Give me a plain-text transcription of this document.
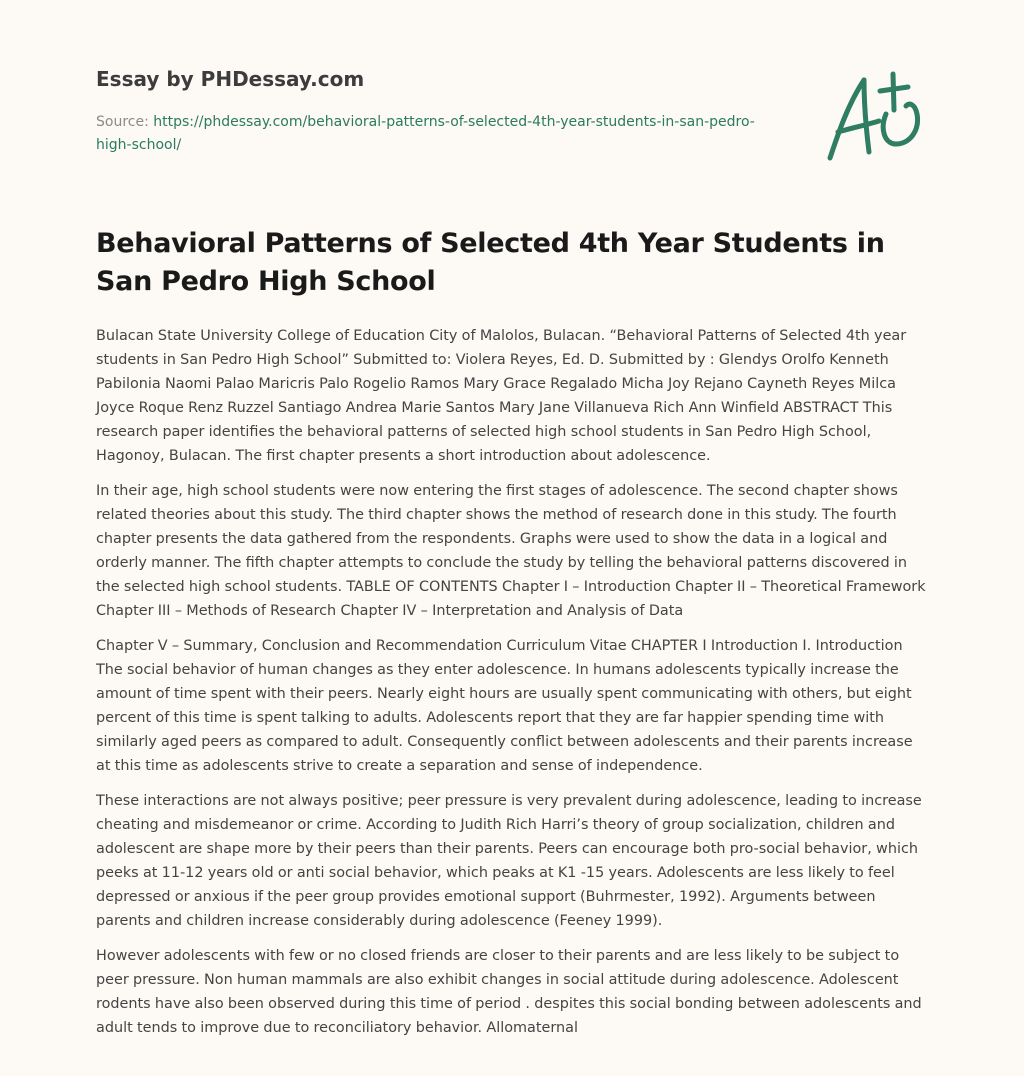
Essay by PHDessay.com
Source: https://phdessay.com/behavioral-patterns-of-selected-4th-year-students-in-san-pedro-high-school/
Behavioral Patterns of Selected 4th Year Students in San Pedro High School

Bulacan State University College of Education City of Malolos, Bulacan. “Behavioral Patterns of Selected 4th year students in San Pedro High School” Submitted to: Violera Reyes, Ed. D. Submitted by : Glendys Orolfo Kenneth Pabilonia Naomi Palao Maricris Palo Rogelio Ramos Mary Grace Regalado Micha Joy Rejano Cayneth Reyes Milca Joyce Roque Renz Ruzzel Santiago Andrea Marie Santos Mary Jane Villanueva Rich Ann Winfield ABSTRACT This research paper identifies the behavioral patterns of selected high school students in San Pedro High School, Hagonoy, Bulacan. The first chapter presents a short introduction about adolescence.

In their age, high school students were now entering the first stages of adolescence. The second chapter shows related theories about this study. The third chapter shows the method of research done in this study. The fourth chapter presents the data gathered from the respondents. Graphs were used to show the data in a logical and orderly manner. The fifth chapter attempts to conclude the study by telling the behavioral patterns discovered in the selected high school students. TABLE OF CONTENTS Chapter I – Introduction Chapter II – Theoretical Framework Chapter III – Methods of Research Chapter IV – Interpretation and Analysis of Data

Chapter V – Summary, Conclusion and Recommendation Curriculum Vitae CHAPTER I Introduction I. Introduction The social behavior of human changes as they enter adolescence. In humans adolescents typically increase the amount of time spent with their peers. Nearly eight hours are usually spent communicating with others, but eight percent of this time is spent talking to adults. Adolescents report that they are far happier spending time with similarly aged peers as compared to adult. Consequently conflict between adolescents and their parents increase at this time as adolescents strive to create a separation and sense of independence.

These interactions are not always positive; peer pressure is very prevalent during adolescence, leading to increase cheating and misdemeanor or crime. According to Judith Rich Harri’s theory of group socialization, children and adolescent are shape more by their peers than their parents. Peers can encourage both pro-social behavior, which peeks at 11-12 years old or anti social behavior, which peaks at K1 -15 years. Adolescents are less likely to feel depressed or anxious if the peer group provides emotional support (Buhrmester, 1992). Arguments between parents and children increase considerably during adolescence (Feeney 1999).

However adolescents with few or no closed friends are closer to their parents and are less likely to be subject to peer pressure. Non human mammals are also exhibit changes in social attitude during adolescence. Adolescent rodents have also been observed during this time of period . despites this social bonding between adolescents and adult tends to improve due to reconciliatory behavior. Allomaternal
